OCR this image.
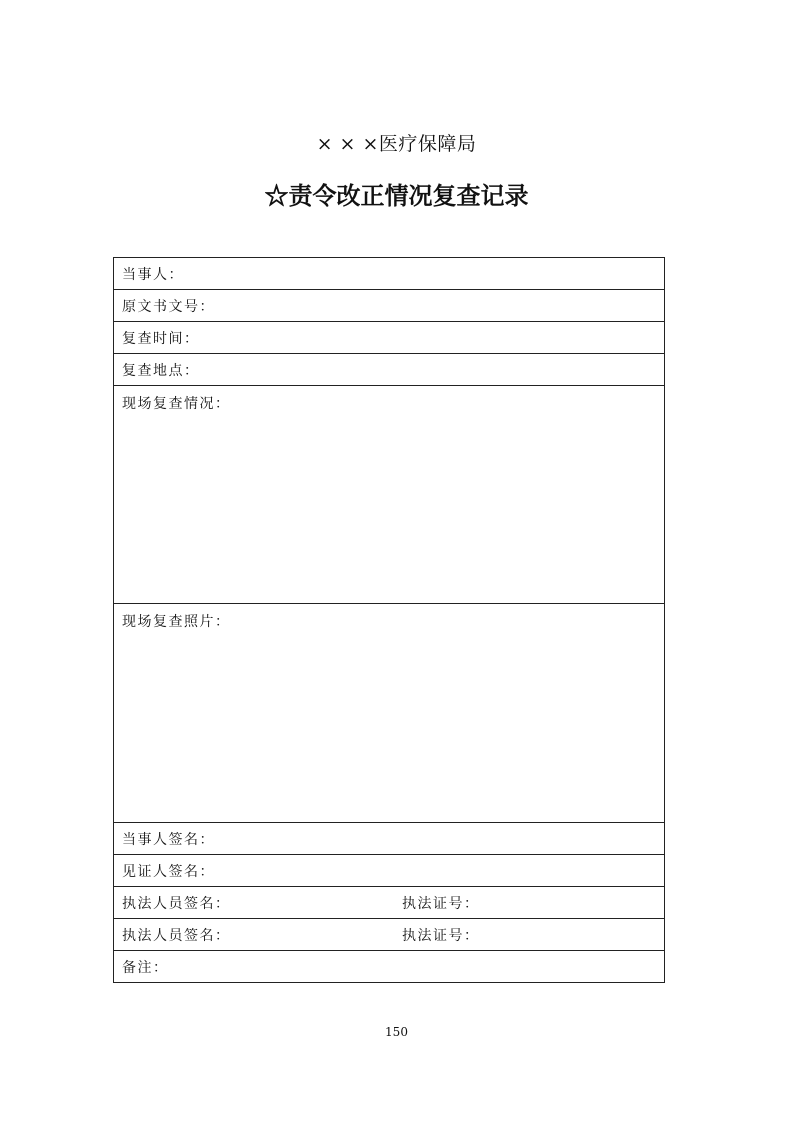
× × ×医疗保障局
☆责令改正情况复查记录
当事人：
原文书文号：
复查时间：
复查地点：
现场复查情况：
现场复查照片：
当事人签名：
见证人签名：
执法人员签名：	执法证号：

执法人员签名：	执法证号：

备注：
150
